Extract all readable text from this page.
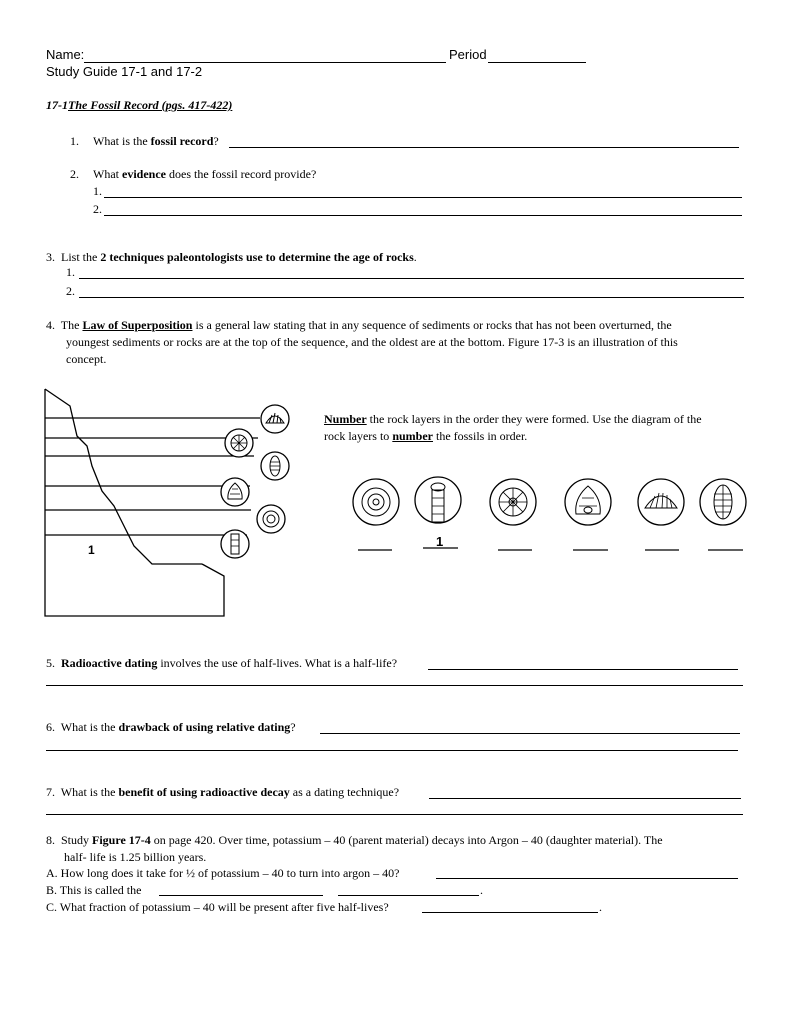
Name:	Period
Study Guide 17-1 and 17-2
17-1The Fossil Record (pgs. 417-422)
1. What is the fossil record?
2. What evidence does the fossil record provide?
1.
2.
3. List the 2 techniques paleontologists use to determine the age of rocks.
1.
2.
4. The Law of Superposition is a general law stating that in any sequence of sediments or rocks that has not been overturned, the
youngest sediments or rocks are at the top of the sequence, and the oldest are at the bottom. Figure 17-3 is an illustration of this
concept.
1
Number the rock layers in the order they were formed. Use the diagram of the
rock layers to number the fossils in order.
1
5. Radioactive dating involves the use of half-lives. What is a half-life?
6. What is the drawback of using relative dating?
7. What is the benefit of using radioactive decay as a dating technique?
8. Study Figure 17-4 on page 420. Over time, potassium – 40 (parent material) decays into Argon – 40 (daughter material). The
half- life is 1.25 billion years.
A. How long does it take for ½ of potassium – 40 to turn into argon – 40?
B. This is called the	.
C. What fraction of potassium – 40 will be present after five half-lives?	.
